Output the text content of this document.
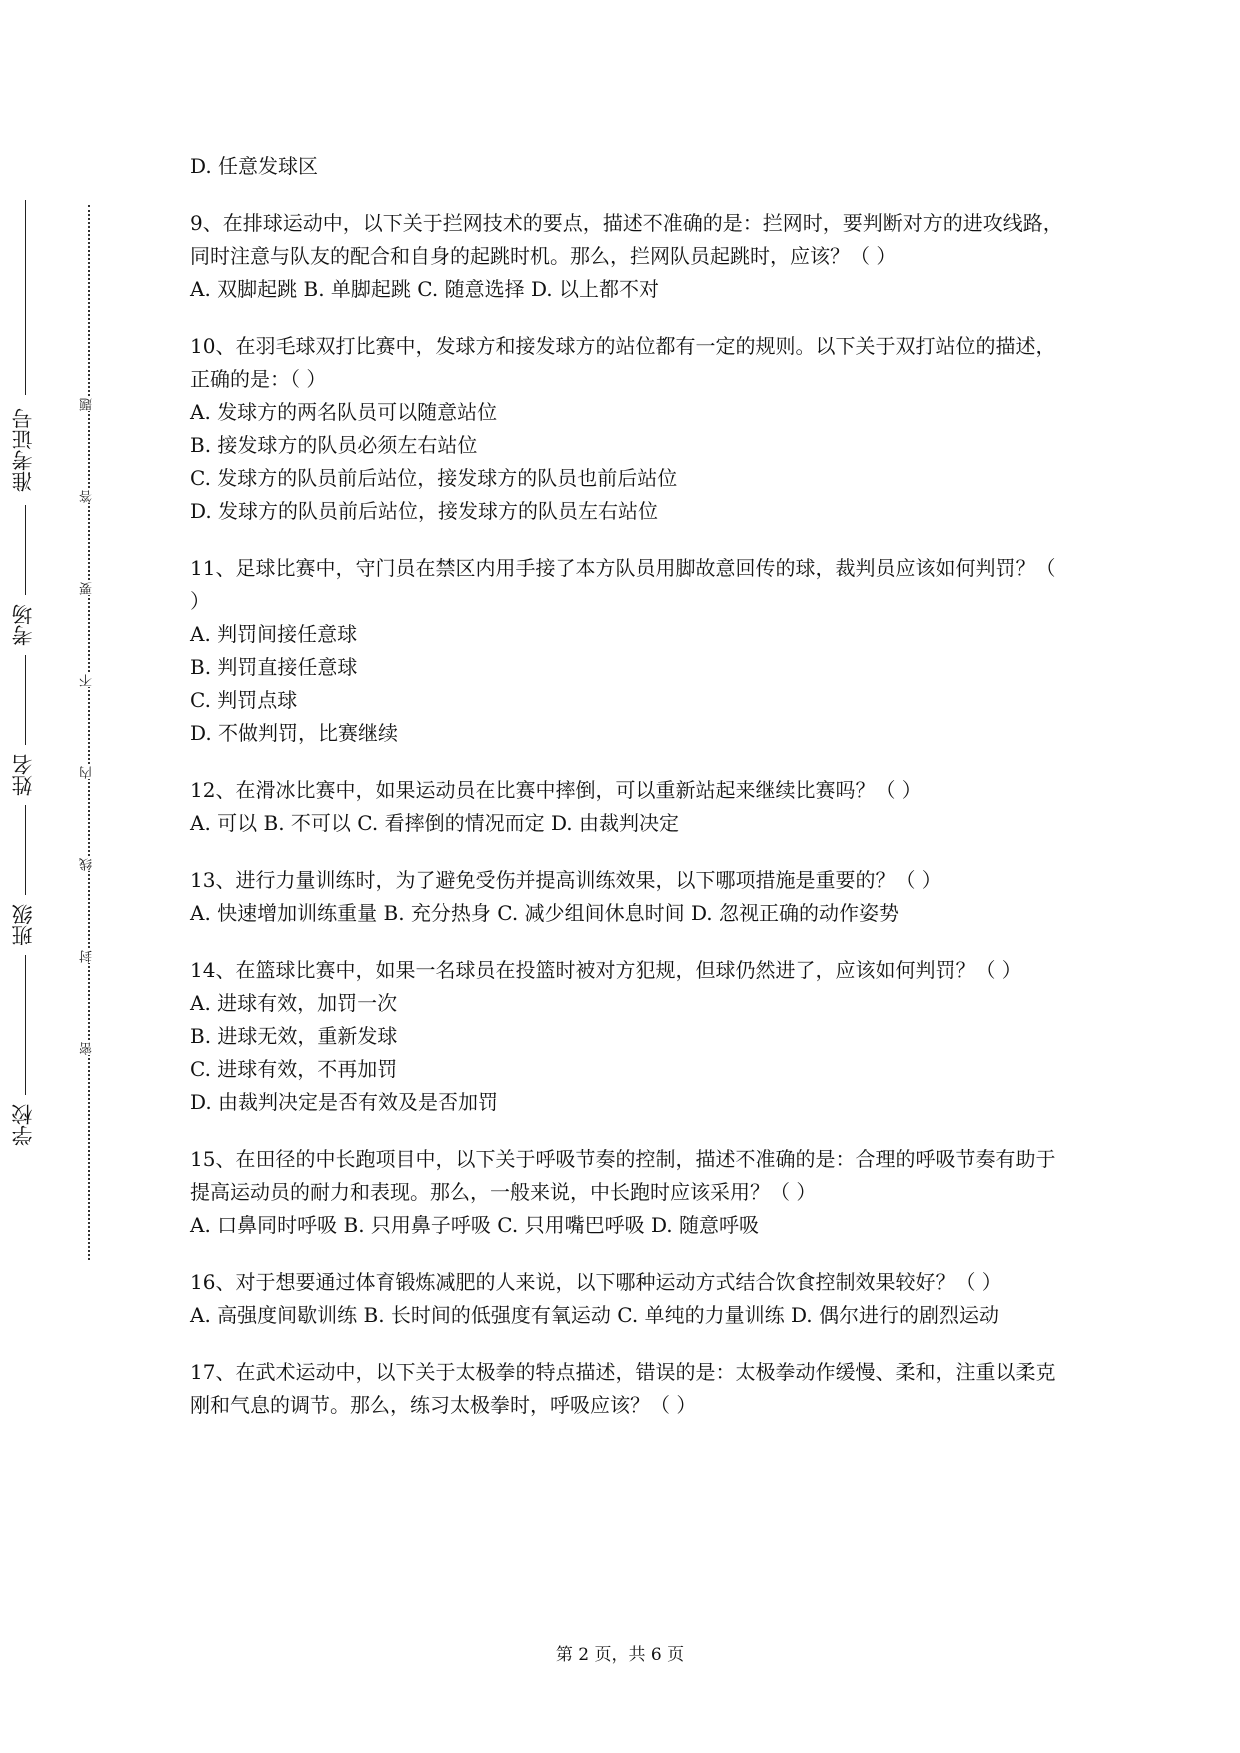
学校
班级
姓名
考场
准考证号
密
封
线
内
不
要
答
题

D. 任意发球区

9、在排球运动中，以下关于拦网技术的要点，描述不准确的是：拦网时，要判断对方的进攻线路，同时注意与队友的配合和自身的起跳时机。那么，拦网队员起跳时，应该？（ ）

A. 双脚起跳 B. 单脚起跳 C. 随意选择 D. 以上都不对

10、在羽毛球双打比赛中，发球方和接发球方的站位都有一定的规则。以下关于双打站位的描述，正确的是：（ ）

A. 发球方的两名队员可以随意站位

B. 接发球方的队员必须左右站位

C. 发球方的队员前后站位，接发球方的队员也前后站位

D. 发球方的队员前后站位，接发球方的队员左右站位

11、足球比赛中，守门员在禁区内用手接了本方队员用脚故意回传的球，裁判员应该如何判罚？（ ）

A. 判罚间接任意球

B. 判罚直接任意球

C. 判罚点球

D. 不做判罚，比赛继续

12、在滑冰比赛中，如果运动员在比赛中摔倒，可以重新站起来继续比赛吗？（ ）

A. 可以 B. 不可以 C. 看摔倒的情况而定 D. 由裁判决定

13、进行力量训练时，为了避免受伤并提高训练效果，以下哪项措施是重要的？（ ）

A. 快速增加训练重量 B. 充分热身 C. 减少组间休息时间 D. 忽视正确的动作姿势

14、在篮球比赛中，如果一名球员在投篮时被对方犯规，但球仍然进了，应该如何判罚？（ ）

A. 进球有效，加罚一次

B. 进球无效，重新发球

C. 进球有效，不再加罚

D. 由裁判决定是否有效及是否加罚

15、在田径的中长跑项目中，以下关于呼吸节奏的控制，描述不准确的是：合理的呼吸节奏有助于提高运动员的耐力和表现。那么，一般来说，中长跑时应该采用？（ ）

A. 口鼻同时呼吸 B. 只用鼻子呼吸 C. 只用嘴巴呼吸 D. 随意呼吸

16、对于想要通过体育锻炼减肥的人来说，以下哪种运动方式结合饮食控制效果较好？（ ）

A. 高强度间歇训练 B. 长时间的低强度有氧运动 C. 单纯的力量训练 D. 偶尔进行的剧烈运动

17、在武术运动中，以下关于太极拳的特点描述，错误的是：太极拳动作缓慢、柔和，注重以柔克刚和气息的调节。那么，练习太极拳时，呼吸应该？（ ）

第 2 页，共 6 页
